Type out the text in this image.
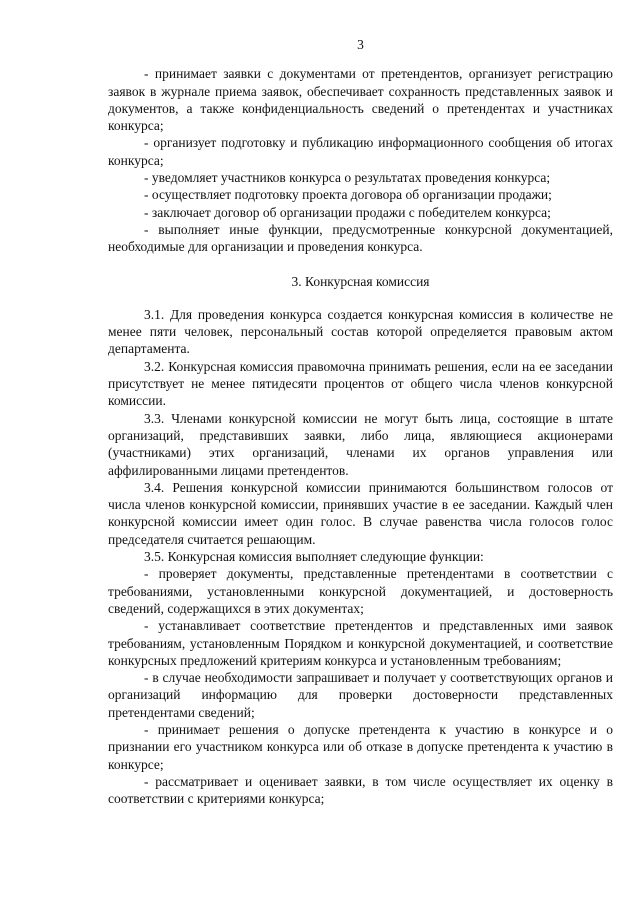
3

- принимает заявки с документами от претендентов, организует регистрацию заявок в журнале приема заявок, обеспечивает сохранность представленных заявок и документов, а также конфиденциальность сведений о претендентах и участниках конкурса;

- организует подготовку и публикацию информационного сообщения об итогах конкурса;

- уведомляет участников конкурса о результатах проведения конкурса;

- осуществляет подготовку проекта договора об организации продажи;

- заключает договор об организации продажи с победителем конкурса;

- выполняет иные функции, предусмотренные конкурсной документацией, необходимые для организации и проведения конкурса.

3. Конкурсная комиссия

3.1. Для проведения конкурса создается конкурсная комиссия в количестве не менее пяти человек, персональный состав которой определяется правовым актом департамента.

3.2. Конкурсная комиссия правомочна принимать решения, если на ее заседании присутствует не менее пятидесяти процентов от общего числа членов конкурсной комиссии.

3.3. Членами конкурсной комиссии не могут быть лица, состоящие в штате организаций, представивших заявки, либо лица, являющиеся акционерами (участниками) этих организаций, членами их органов управления или аффилированными лицами претендентов.

3.4. Решения конкурсной комиссии принимаются большинством голосов от числа членов конкурсной комиссии, принявших участие в ее заседании. Каждый член конкурсной комиссии имеет один голос. В случае равенства числа голосов голос председателя считается решающим.

3.5. Конкурсная комиссия выполняет следующие функции:

- проверяет документы, представленные претендентами в соответствии с требованиями, установленными конкурсной документацией, и достоверность сведений, содержащихся в этих документах;

- устанавливает соответствие претендентов и представленных ими заявок требованиям, установленным Порядком и конкурсной документацией, и соответствие конкурсных предложений критериям конкурса и установленным требованиям;

- в случае необходимости запрашивает и получает у соответствующих органов и организаций информацию для проверки достоверности представленных претендентами сведений;

- принимает решения о допуске претендента к участию в конкурсе и о признании его участником конкурса или об отказе в допуске претендента к участию в конкурсе;

- рассматривает и оценивает заявки, в том числе осуществляет их оценку в соответствии с критериями конкурса;
